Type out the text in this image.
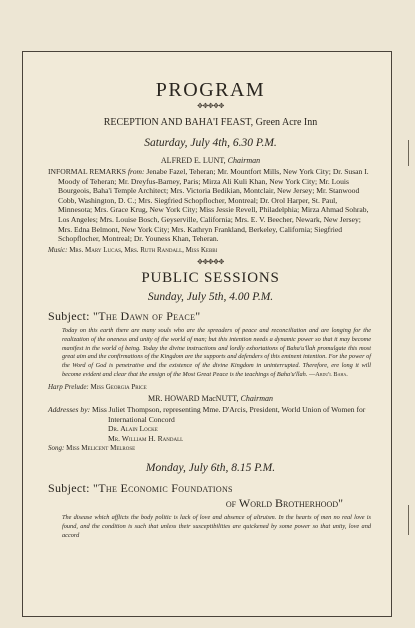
PROGRAM
✥✥✥✥✥
RECEPTION AND BAHA'I FEAST, Green Acre Inn
Saturday, July 4th, 6.30 P.M.
ALFRED E. LUNT, Chairman
INFORMAL REMARKS from: Jenabe Fazel, Teheran; Mr. Mountfort Mills, New York City; Dr. Susan I. Moody of Teheran; Mr. Dreyfus-Barney, Paris; Mirza Ali Kuli Khan, New York City; Mr. Louis Bourgeois, Baha'i Temple Architect; Mrs. Victoria Bedikian, Montclair, New Jersey; Mr. Stanwood Cobb, Washington, D. C.; Mrs. Siegfried Schopflocher, Montreal; Dr. Orol Harper, St. Paul, Minnesota; Mrs. Grace Krug, New York City; Miss Jessie Revell, Philadelphia; Mirza Ahmad Sohrab, Los Angeles; Mrs. Louise Bosch, Geyserville, California; Mrs. E. V. Beecher, Newark, New Jersey; Mrs. Edna Belmont, New York City; Mrs. Kathryn Frankland, Berkeley, California; Siegfried Schopflocher, Montreal; Dr. Youness Khan, Teheran.
Music: Mrs. Mary Lucas, Mrs. Ruth Randall, Miss Kebbi
✥✥✥✥✥
PUBLIC SESSIONS
Sunday, July 5th, 4.00 P.M.
Subject: "The Dawn of Peace"
Today on this earth there are many souls who are the spreaders of peace and reconciliation and are longing for the realization of the oneness and unity of the world of man; but this intention needs a dynamic power so that it may become manifest in the world of being. Today the divine instructions and lordly exhortations of Baha'u'llah promulgate this most great aim and the confirmations of the Kingdom are the supports and defenders of this eminent intention. For the power of the Word of God is penetrative and the existence of the divine Kingdom in uninterrupted. Therefore, ere long it will become evident and clear that the ensign of the Most Great Peace is the teachings of Baha'u'llah. —Abdu'l Baha.
Harp Prelude: Miss Georgia Price
MR. HOWARD MacNUTT, Chairman
Addresses by: Miss Juliet Thompson, representing Mme. D'Arcis, President, World Union of Women for International Concord
Dr. Alain Locke
Mr. William H. Randall
Song: Miss Melicent Melrose
Monday, July 6th, 8.15 P.M.
Subject: "The Economic Foundations
of World Brotherhood"
The disease which afflicts the body politic is lack of love and absence of altruism. In the hearts of men no real love is found, and the condition is such that unless their susceptibilities are quickened by some power so that unity, love and accord
